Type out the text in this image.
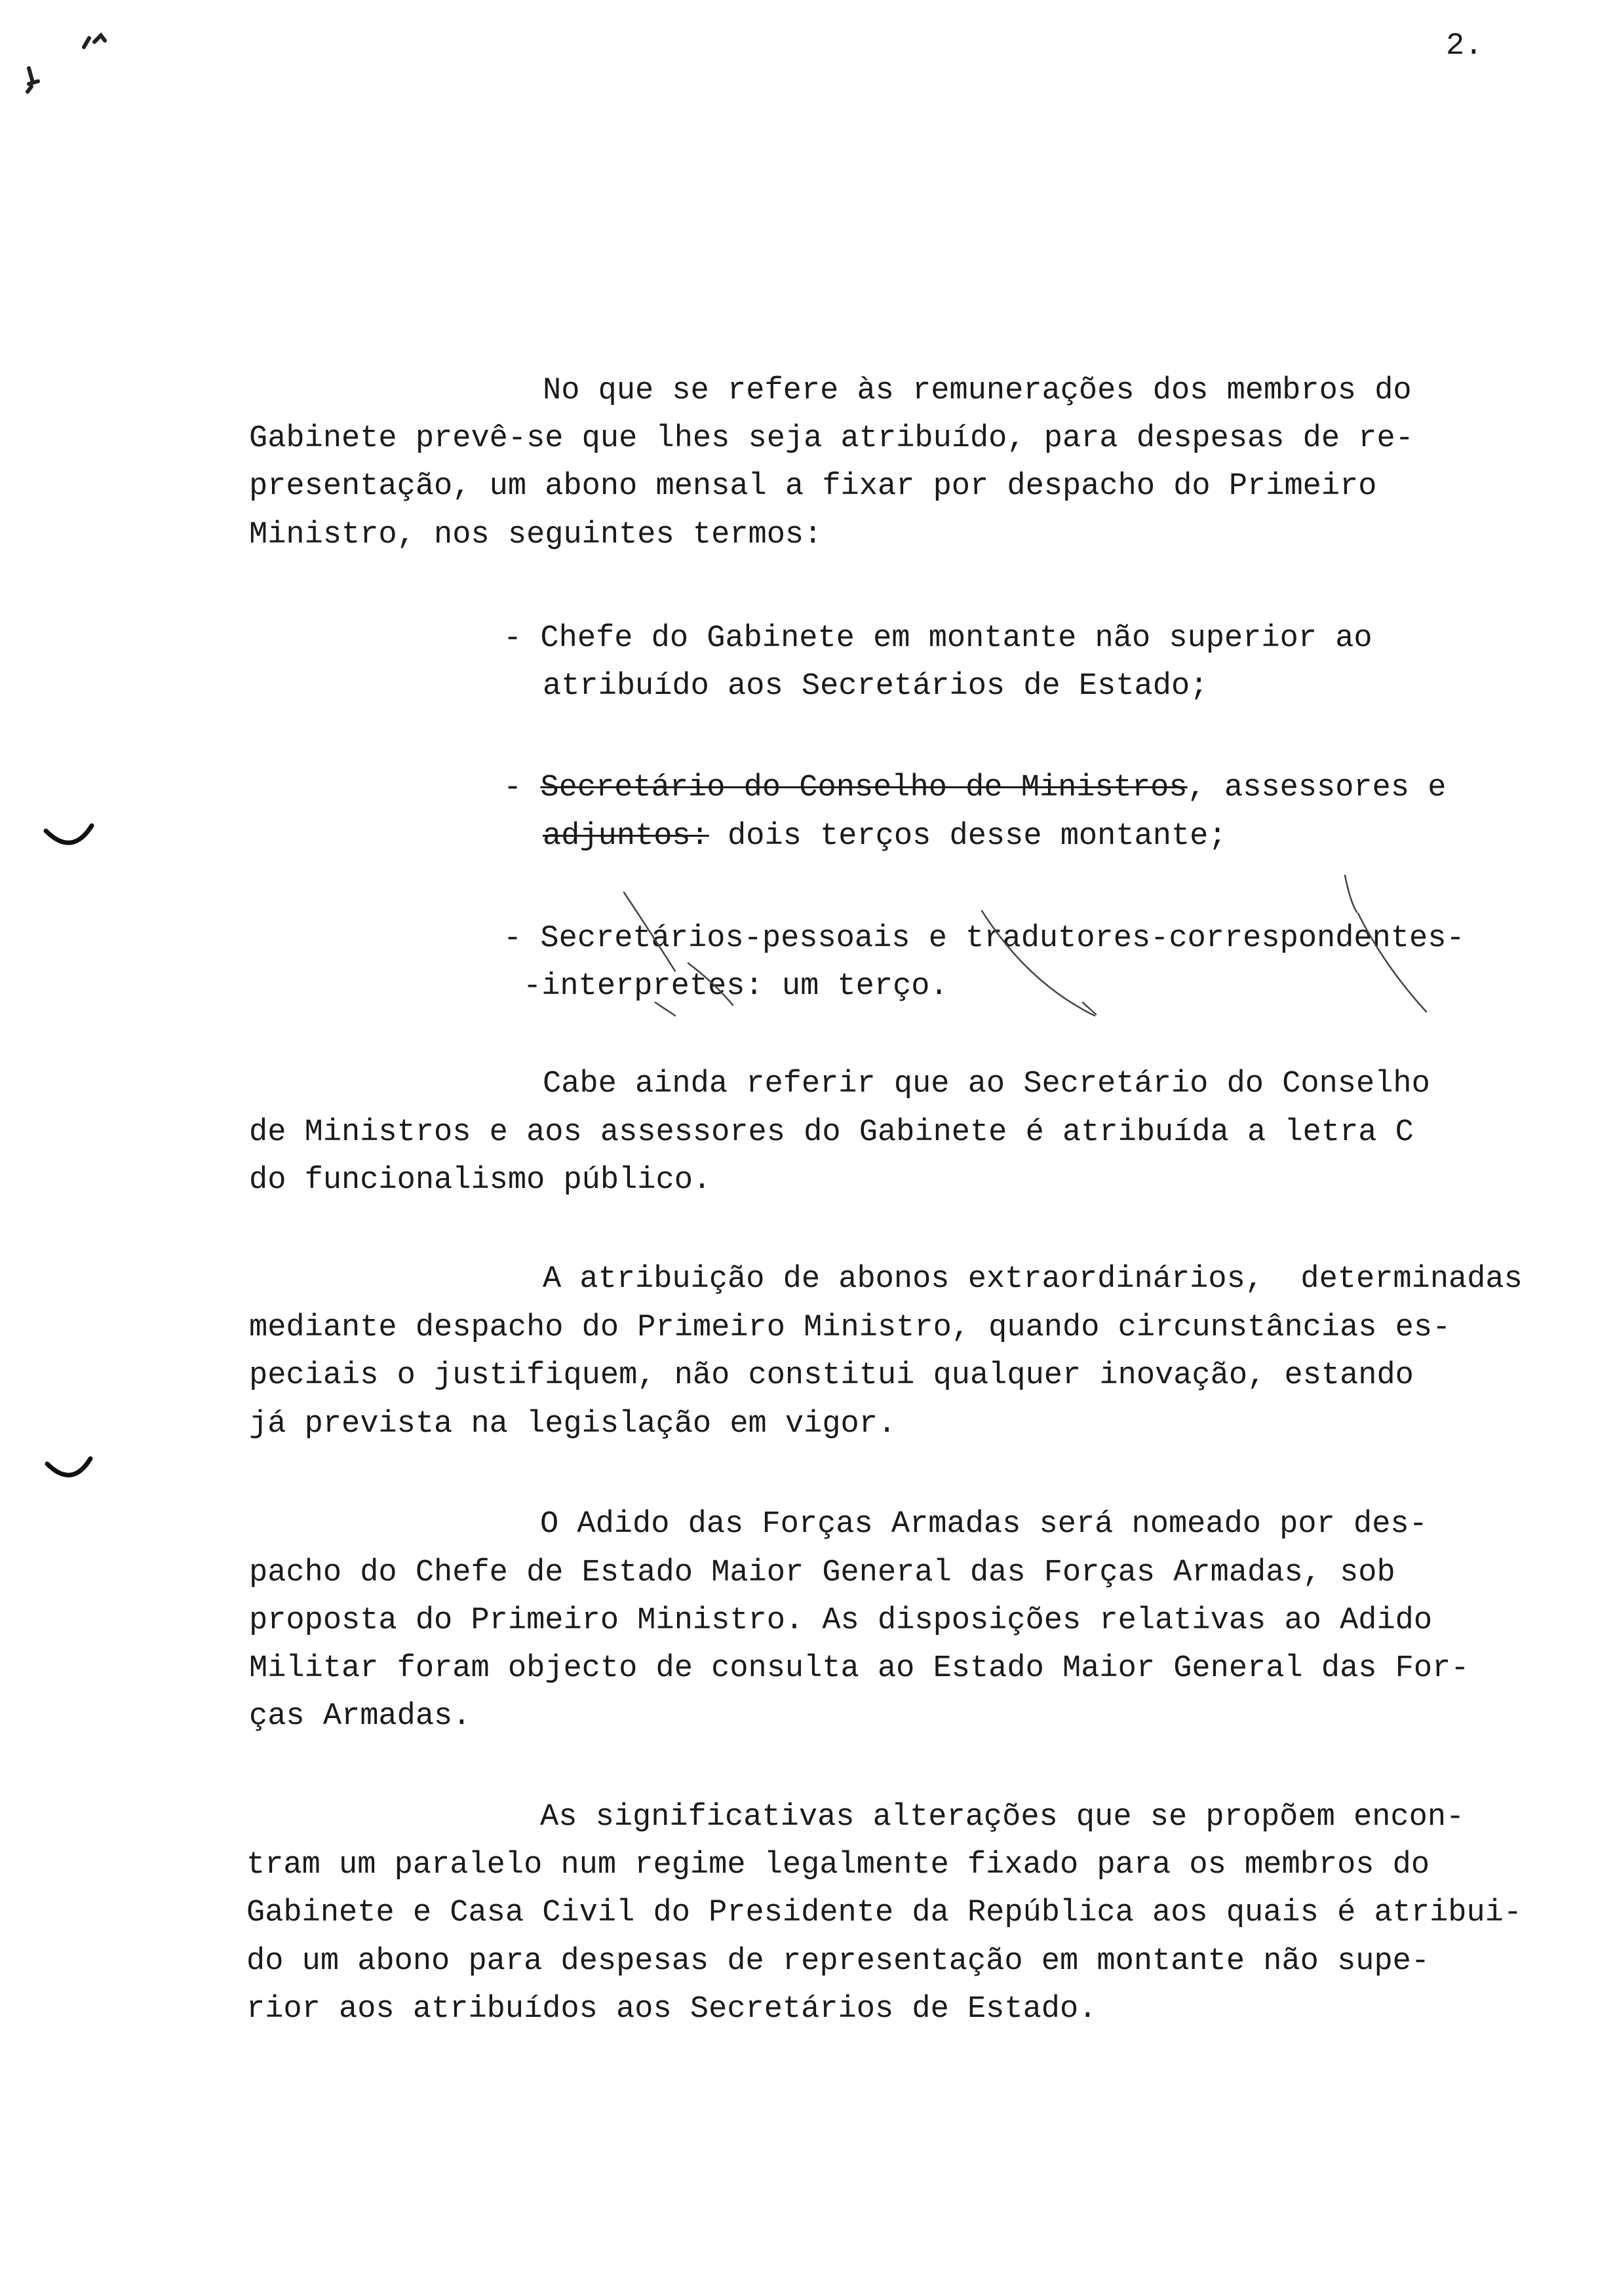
2.
No que se refere às remunerações dos membros do
Gabinete prevê-se que lhes seja atribuído, para despesas de re-
presentação, um abono mensal a fixar por despacho do Primeiro
Ministro, nos seguintes termos:
- Chefe do Gabinete em montante não superior ao
atribuído aos Secretários de Estado;
- Secretário do Conselho de Ministros, assessores e
adjuntos: dois terços desse montante;
- Secretários-pessoais e tradutores-correspondentes-
-interpretes: um terço.
Cabe ainda referir que ao Secretário do Conselho
de Ministros e aos assessores do Gabinete é atribuída a letra C
do funcionalismo público.
A atribuição de abonos extraordinários,  determinadas
mediante despacho do Primeiro Ministro, quando circunstâncias es-
peciais o justifiquem, não constitui qualquer inovação, estando
já prevista na legislação em vigor.
O Adido das Forças Armadas será nomeado por des-
pacho do Chefe de Estado Maior General das Forças Armadas, sob
proposta do Primeiro Ministro. As disposições relativas ao Adido
Militar foram objecto de consulta ao Estado Maior General das For-
ças Armadas.
As significativas alterações que se propõem encon-
tram um paralelo num regime legalmente fixado para os membros do
Gabinete e Casa Civil do Presidente da República aos quais é atribui-
do um abono para despesas de representação em montante não supe-
rior aos atribuídos aos Secretários de Estado.
